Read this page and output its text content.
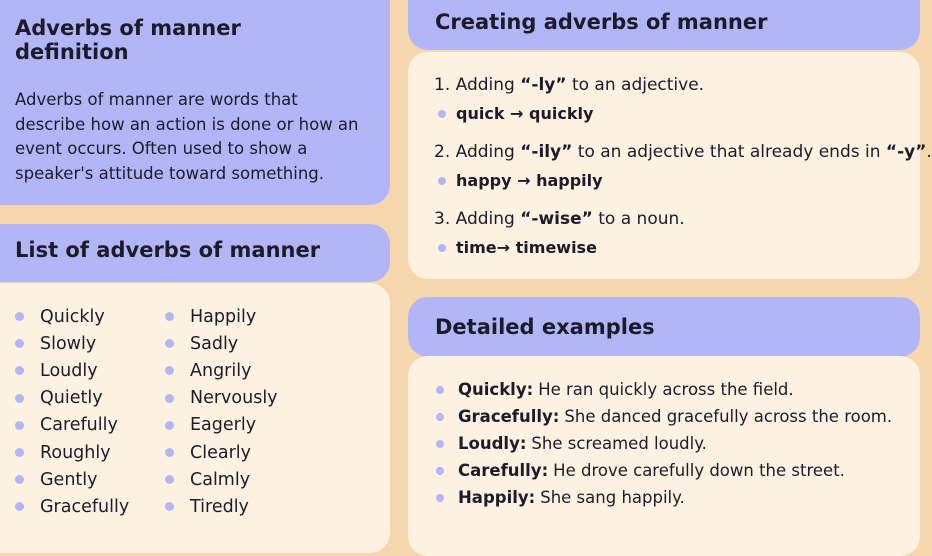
Adverbs of manner definition
Adverbs of manner are words that describe how an action is done or how an event occurs. Often used to show a speaker's attitude toward something.
List of adverbs of manner
Quickly
Slowly
Loudly
Quietly
Carefully
Roughly
Gently
Gracefully
Happily
Sadly
Angrily
Nervously
Eagerly
Clearly
Calmly
Tiredly
Creating adverbs of manner
1. Adding “-ly” to an adjective.
quick → quickly
2. Adding “-ily” to an adjective that already ends in “-y”.
happy → happily
3. Adding “-wise” to a noun.
time→ timewise
Detailed examples
Quickly: He ran quickly across the field.
Gracefully: She danced gracefully across the room.
Loudly: She screamed loudly.
Carefully: He drove carefully down the street.
Happily: She sang happily.
